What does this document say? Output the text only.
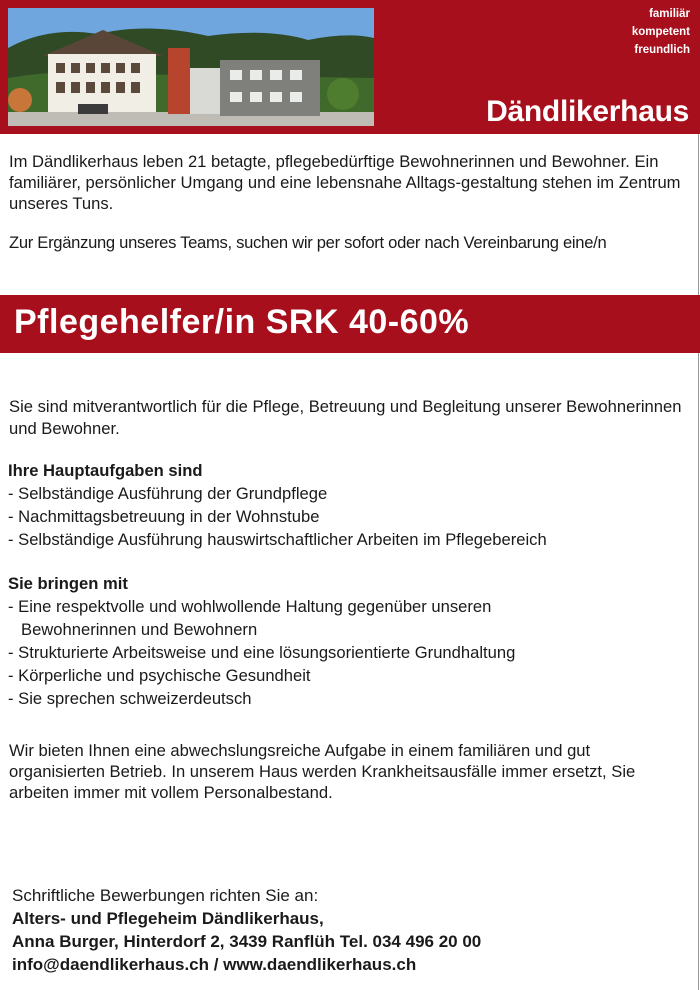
familiär
kompetent
freundlich
Dändlikerhaus

Im Dändlikerhaus leben 21 betagte, pflegebedürftige Bewohnerinnen und Bewohner. Ein familiärer, persönlicher Umgang und eine lebensnahe Alltags-gestaltung stehen im Zentrum unseres Tuns.

Zur Ergänzung unseres Teams, suchen wir per sofort oder nach Vereinbarung eine/n

Pflegehelfer/in SRK 40-60%

Sie sind mitverantwortlich für die Pflege, Betreuung und Begleitung unserer Bewohnerinnen und Bewohner.

Ihre Hauptaufgaben sind
- Selbständige Ausführung der Grundpflege
- Nachmittagsbetreuung in der Wohnstube
- Selbständige Ausführung hauswirtschaftlicher Arbeiten im Pflegebereich
Sie bringen mit
- Eine respektvolle und wohlwollende Haltung gegenüber unseren
Bewohnerinnen und Bewohnern
- Strukturierte Arbeitsweise und eine lösungsorientierte Grundhaltung
- Körperliche und psychische Gesundheit
- Sie sprechen schweizerdeutsch

Wir bieten Ihnen eine abwechslungsreiche Aufgabe in einem familiären und gut organisierten Betrieb. In unserem Haus werden Krankheitsausfälle immer ersetzt, Sie arbeiten immer mit vollem Personalbestand.

Schriftliche Bewerbungen richten Sie an:
Alters- und Pflegeheim Dändlikerhaus,
Anna Burger, Hinterdorf 2, 3439 Ranflüh Tel. 034 496 20 00
info@daendlikerhaus.ch / www.daendlikerhaus.ch
